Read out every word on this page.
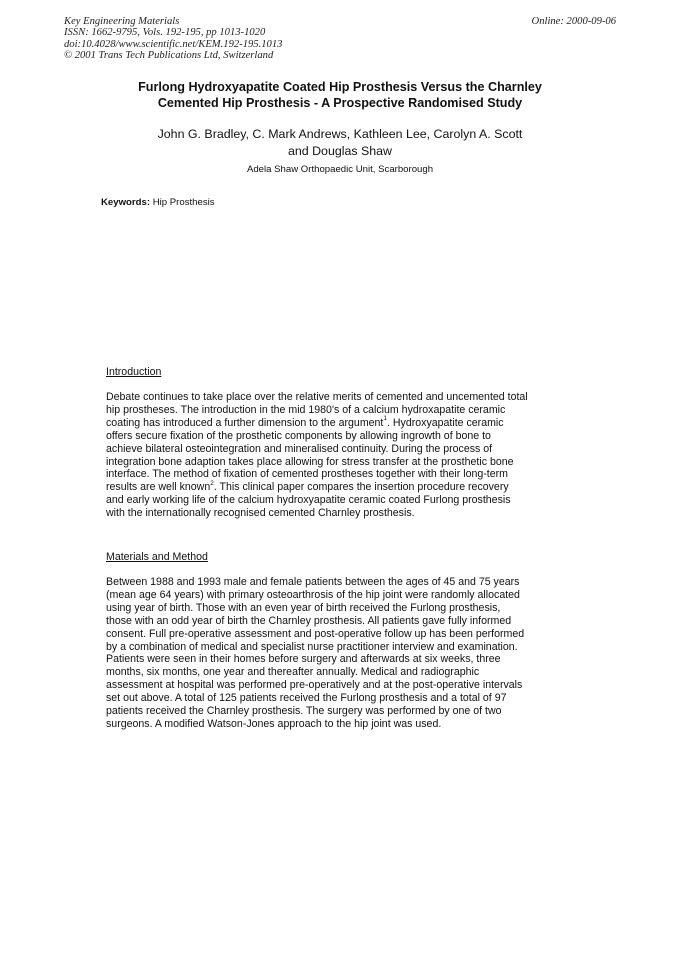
Key Engineering Materials
ISSN: 1662-9795, Vols. 192-195, pp 1013-1020
doi:10.4028/www.scientific.net/KEM.192-195.1013
© 2001 Trans Tech Publications Ltd, Switzerland
Online: 2000-09-06
Furlong Hydroxyapatite Coated Hip Prosthesis Versus the Charnley
Cemented Hip Prosthesis - A Prospective Randomised Study
John G. Bradley, C. Mark Andrews, Kathleen Lee, Carolyn A. Scott
and Douglas Shaw
Adela Shaw Orthopaedic Unit, Scarborough
Keywords: Hip Prosthesis
Introduction
Debate continues to take place over the relative merits of cemented and uncemented total
hip prostheses. The introduction in the mid 1980's of a calcium hydroxapatite ceramic
coating has introduced a further dimension to the argument$^1$. Hydroxyapatite ceramic
offers secure fixation of the prosthetic components by allowing ingrowth of bone to
achieve bilateral osteointegration and mineralised continuity. During the process of
integration bone adaption takes place allowing for stress transfer at the prosthetic bone
interface. The method of fixation of cemented prostheses together with their long-term
results are well known$^2$. This clinical paper compares the insertion procedure recovery
and early working life of the calcium hydroxyapatite ceramic coated Furlong prosthesis
with the internationally recognised cemented Charnley prosthesis.
Materials and Method
Between 1988 and 1993 male and female patients between the ages of 45 and 75 years
(mean age 64 years) with primary osteoarthrosis of the hip joint were randomly allocated
using year of birth. Those with an even year of birth received the Furlong prosthesis,
those with an odd year of birth the Charnley prosthesis. All patients gave fully informed
consent. Full pre-operative assessment and post-operative follow up has been performed
by a combination of medical and specialist nurse practitioner interview and examination.
Patients were seen in their homes before surgery and afterwards at six weeks, three
months, six months, one year and thereafter annually. Medical and radiographic
assessment at hospital was performed pre-operatively and at the post-operative intervals
set out above. A total of 125 patients received the Furlong prosthesis and a total of 97
patients received the Charnley prosthesis. The surgery was performed by one of two
surgeons. A modified Watson-Jones approach to the hip joint was used.
